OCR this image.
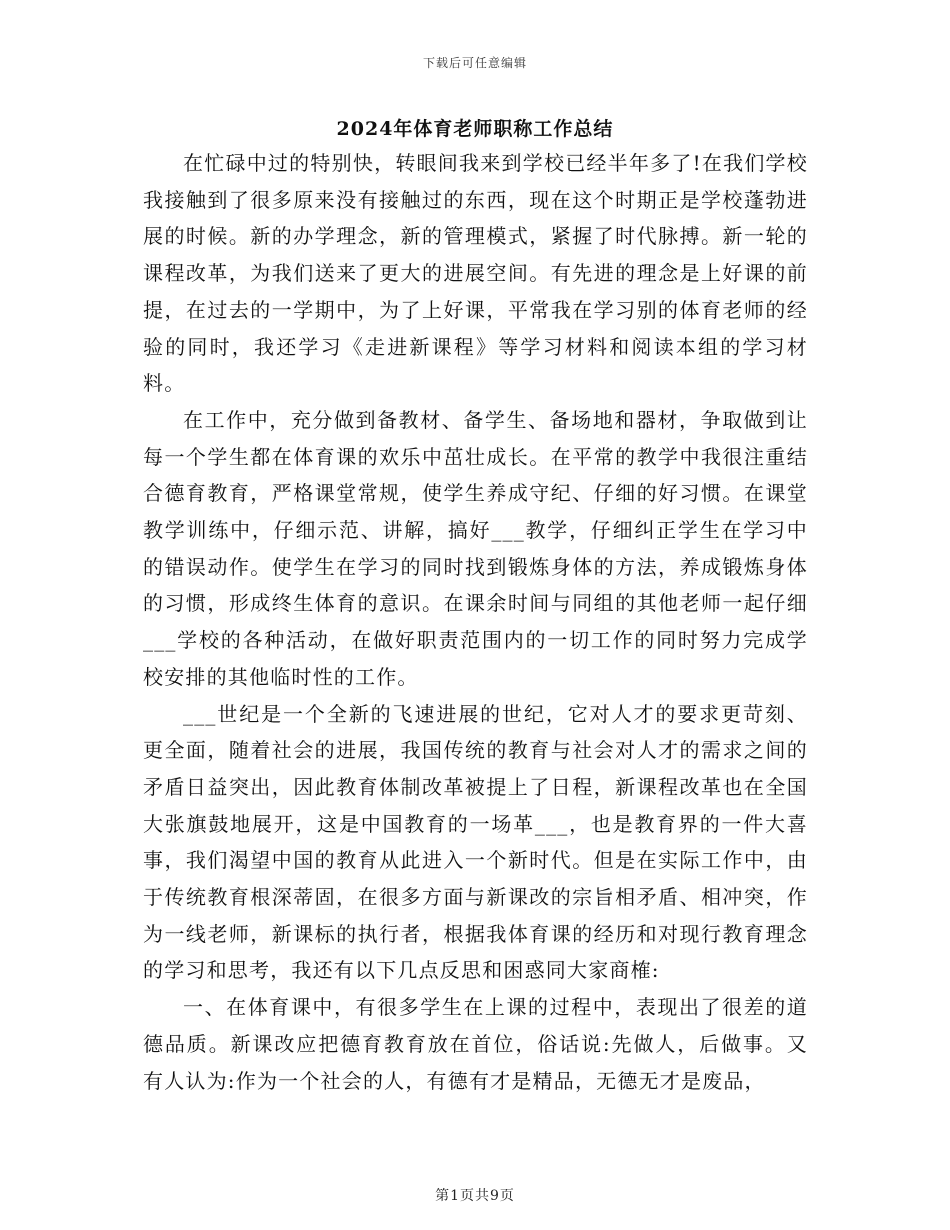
下载后可任意编辑
2024年体育老师职称工作总结

在忙碌中过的特别快，转眼间我来到学校已经半年多了!在我们学校我接触到了很多原来没有接触过的东西，现在这个时期正是学校蓬勃进展的时候。新的办学理念，新的管理模式，紧握了时代脉搏。新一轮的课程改革，为我们送来了更大的进展空间。有先进的理念是上好课的前提，在过去的一学期中，为了上好课，平常我在学习别的体育老师的经验的同时，我还学习《走进新课程》等学习材料和阅读本组的学习材料。

在工作中，充分做到备教材、备学生、备场地和器材，争取做到让每一个学生都在体育课的欢乐中茁壮成长。在平常的教学中我很注重结合德育教育，严格课堂常规，使学生养成守纪、仔细的好习惯。在课堂教学训练中，仔细示范、讲解，搞好___教学，仔细纠正学生在学习中的错误动作。使学生在学习的同时找到锻炼身体的方法，养成锻炼身体的习惯，形成终生体育的意识。在课余时间与同组的其他老师一起仔细___学校的各种活动，在做好职责范围内的一切工作的同时努力完成学校安排的其他临时性的工作。

___世纪是一个全新的飞速进展的世纪，它对人才的要求更苛刻、更全面，随着社会的进展，我国传统的教育与社会对人才的需求之间的矛盾日益突出，因此教育体制改革被提上了日程，新课程改革也在全国大张旗鼓地展开，这是中国教育的一场革___，也是教育界的一件大喜事，我们渴望中国的教育从此进入一个新时代。但是在实际工作中，由于传统教育根深蒂固，在很多方面与新课改的宗旨相矛盾、相冲突，作为一线老师，新课标的执行者，根据我体育课的经历和对现行教育理念的学习和思考，我还有以下几点反思和困惑同大家商榷:

一、在体育课中，有很多学生在上课的过程中，表现出了很差的道德品质。新课改应把德育教育放在首位，俗话说:先做人，后做事。又有人认为:作为一个社会的人，有德有才是精品，无德无才是废品，

第1页共9页
